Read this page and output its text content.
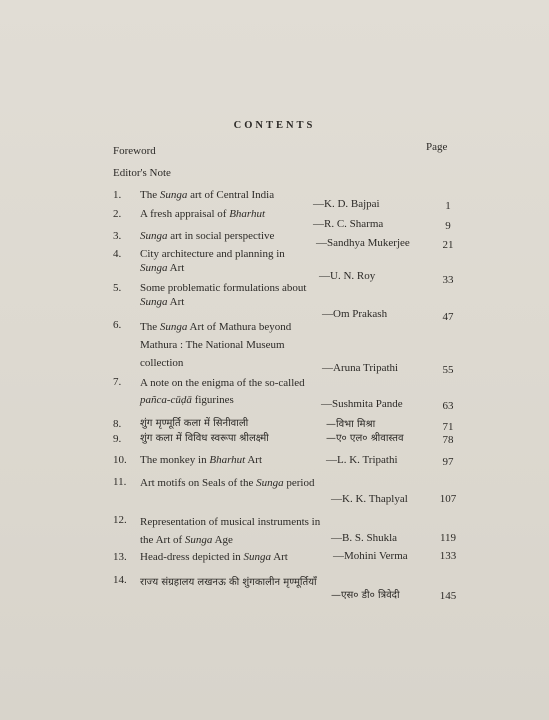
CONTENTS
Foreword	Page
Editor's Note
1.	The Sunga art of Central India
—K. D. Bajpai	1
2.	A fresh appraisal of Bharhut
—R. C. Sharma	9
3.	Sunga art in social perspective
—Sandhya Mukerjee	21
4.	City architecture and planning in
Sunga Art
—U. N. Roy	33
5.	Some problematic formulations about Sunga Art
—Om Prakash	47
6.	The Sunga Art of Mathura beyond Mathura : The National Museum collection	—Aruna Tripathi	55
7.	A note on the enigma of the so-called pañca-cūḍā figurines	—Sushmita Pande	63
8.	शुंग मृण्मूर्ति कला में सिनीवाली	—विभा मिश्रा	71
9.	शुंग कला में विविध स्वरूपा श्रीलक्ष्मी	—ए० एल० श्रीवास्तव	78
10.	The monkey in Bharhut Art	—L. K. Tripathi	97
11.	Art motifs on Seals of the Sunga period
—K. K. Thaplyal	107
12.	Representation of musical instruments in the Art of Sunga Age	—B. S. Shukla	119
13.	Head-dress depicted in Sunga Art	—Mohini Verma	133
14.	राज्य संग्रहालय लखनऊ की शुंगकालीन मृण्मूर्तियाँ
—एस० डी० त्रिवेदी	145
